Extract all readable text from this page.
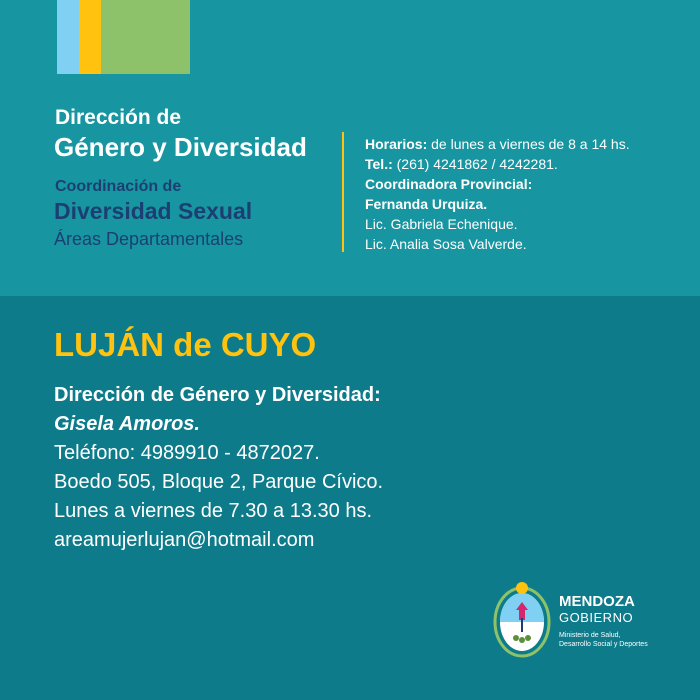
Dirección de
Género y Diversidad
Coordinación de
Diversidad Sexual
Áreas Departamentales
Horarios: de lunes a viernes de 8 a 14 hs.
Tel.: (261) 4241862 / 4242281.
Coordinadora Provincial:
Fernanda Urquiza.
Lic. Gabriela Echenique.
Lic. Analia Sosa Valverde.
LUJÁN de CUYO
Dirección de Género y Diversidad:
Gisela Amoros.
Teléfono: 4989910 - 4872027.
Boedo 505, Bloque 2, Parque Cívico.
Lunes a viernes de 7.30 a 13.30 hs.
areamujerlujan@hotmail.com
MENDOZA
GOBIERNO
Ministerio de Salud,
Desarrollo Social y Deportes
